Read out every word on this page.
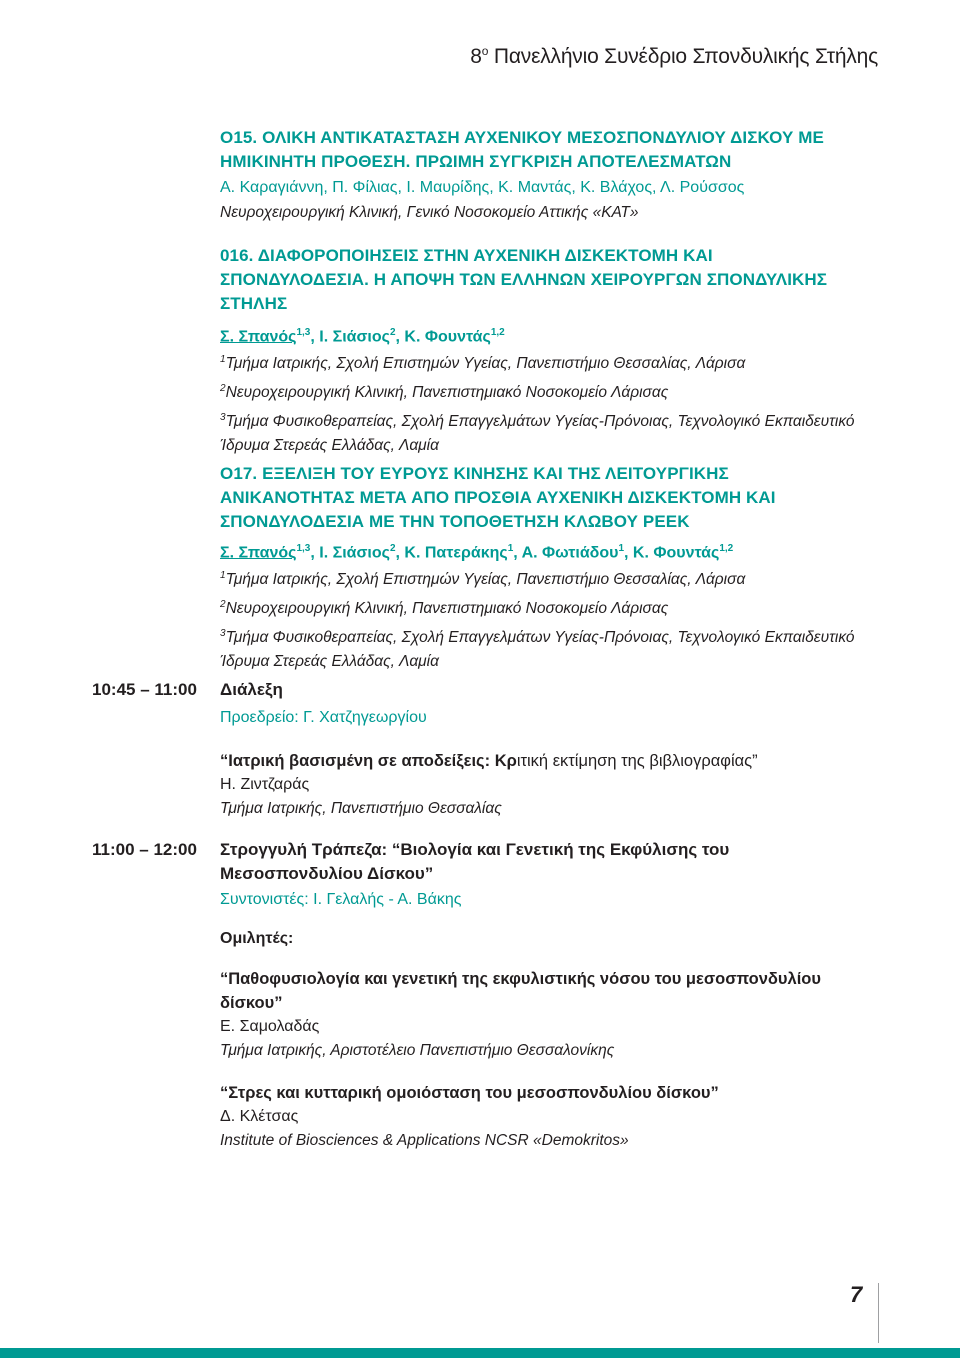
$8^o$ Πανελλήνιο Συνέδριο Σπονδυλικής Στήλης
Ο15. ΟΛΙΚΗ ΑΝΤΙΚΑΤΑΣΤΑΣΗ ΑΥΧΕΝΙΚΟΥ ΜΕΣΟΣΠΟΝΔΥΛΙΟΥ ΔΙΣΚΟΥ ΜΕ
ΗΜΙΚΙΝΗΤΗ ΠΡΟΘΕΣΗ. ΠΡΩΙΜΗ ΣΥΓΚΡΙΣΗ ΑΠΟΤΕΛΕΣΜΑΤΩΝ
Α. Καραγιάννη, Π. Φίλιας, Ι. Μαυρίδης, Κ. Μαντάς, Κ. Βλάχος, Λ. Ρούσσος
Νευροχειρουργική Κλινική, Γενικό Νοσοκομείο Αττικής «ΚΑΤ»
016. ΔΙΑΦΟΡΟΠΟΙΗΣΕΙΣ ΣΤΗΝ ΑΥΧΕΝΙΚΗ ΔΙΣΚΕΚΤΟΜΗ ΚΑΙ
ΣΠΟΝΔΥΛΟΔΕΣΙΑ. Η ΑΠΟΨΗ ΤΩΝ ΕΛΛΗΝΩΝ ΧΕΙΡΟΥΡΓΩΝ ΣΠΟΝΔΥΛΙΚΗΣ
ΣΤΗΛΗΣ
Σ. Σπανός$^{1,3}$, Ι. Σιάσιος$^2$, Κ. Φουντάς$^{1,2}$
$^1$Τμήμα Ιατρικής, Σχολή Επιστημών Υγείας, Πανεπιστήμιο Θεσσαλίας, Λάρισα
$^2$Νευροχειρουργική Κλινική, Πανεπιστημιακό Νοσοκομείο Λάρισας
$^3$Τμήμα Φυσικοθεραπείας, Σχολή Επαγγελμάτων Υγείας-Πρόνοιας, Τεχνολογικό Εκπαιδευτικό
Ίδρυμα Στερεάς Ελλάδας, Λαμία
Ο17. ΕΞΕΛΙΞΗ ΤΟΥ ΕΥΡΟΥΣ ΚΙΝΗΣΗΣ ΚΑΙ ΤΗΣ ΛΕΙΤΟΥΡΓΙΚΗΣ
ΑΝΙΚΑΝΟΤΗΤΑΣ ΜΕΤΑ ΑΠΟ ΠΡΟΣΘΙΑ ΑΥΧΕΝΙΚΗ ΔΙΣΚΕΚΤΟΜΗ ΚΑΙ
ΣΠΟΝΔΥΛΟΔΕΣΙΑ ΜΕ ΤΗΝ ΤΟΠΟΘΕΤΗΣΗ ΚΛΩΒΟΥ PEEK
Σ. Σπανός$^{1,3}$, Ι. Σιάσιος$^2$, Κ. Πατεράκης$^1$, Α. Φωτιάδου$^1$, Κ. Φουντάς$^{1,2}$
$^1$Τμήμα Ιατρικής, Σχολή Επιστημών Υγείας, Πανεπιστήμιο Θεσσαλίας, Λάρισα
$^2$Νευροχειρουργική Κλινική, Πανεπιστημιακό Νοσοκομείο Λάρισας
$^3$Τμήμα Φυσικοθεραπείας, Σχολή Επαγγελμάτων Υγείας-Πρόνοιας, Τεχνολογικό Εκπαιδευτικό
Ίδρυμα Στερεάς Ελλάδας, Λαμία
10:45 – 11:00	Διάλεξη
Προεδρείο: Γ. Χατζηγεωργίου
“Ιατρική βασισμένη σε αποδείξεις: Κριτική εκτίμηση της βιβλιογραφίας”
Η. Ζιντζαράς
Τμήμα Ιατρικής, Πανεπιστήμιο Θεσσαλίας
11:00 – 12:00	Στρογγυλή Τράπεζα: “Βιολογία και Γενετική της Εκφύλισης του
Μεσοσπονδυλίου Δίσκου”
Συντονιστές: Ι. Γελαλής - Α. Βάκης
Ομιλητές:
“Παθοφυσιολογία και γενετική της εκφυλιστικής νόσου του μεσοσπονδυλίου
δίσκου”
Ε. Σαμολαδάς
Τμήμα Ιατρικής, Αριστοτέλειο Πανεπιστήμιο Θεσσαλονίκης
“Στρες και κυτταρική ομοιόσταση του μεσοσπονδυλίου δίσκου”
Δ. Κλέτσας
Institute of Biosciences & Applications NCSR «Demokritos»
7
